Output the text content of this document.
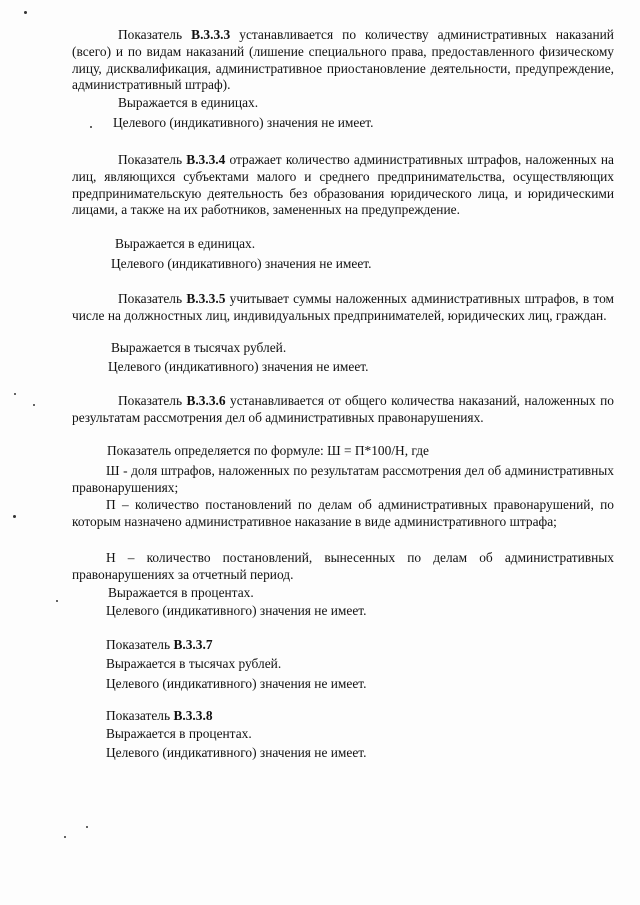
Показатель В.3.3.3 устанавливается по количеству административных наказаний (всего) и по видам наказаний (лишение специального права, предоставленного физическому лицу, дисквалификация, административное приостановление деятельности, предупреждение, административный штраф).

Выражается в единицах.

Целевого (индикативного) значения не имеет.

Показатель В.3.3.4 отражает количество административных штрафов, наложенных на лиц, являющихся субъектами малого и среднего предпринимательства, осуществляющих предпринимательскую деятельность без образования юридического лица, и юридическими лицами, а также на их работников, замененных на предупреждение.

Выражается в единицах.

Целевого (индикативного) значения не имеет.

Показатель В.3.3.5 учитывает суммы наложенных административных штрафов, в том числе на должностных лиц, индивидуальных предпринимателей, юридических лиц, граждан.

Выражается в тысячах рублей.

Целевого (индикативного) значения не имеет.

Показатель В.3.3.6 устанавливается от общего количества наказаний, наложенных по результатам рассмотрения дел об административных правонарушениях.

Показатель определяется по формуле: Ш = П*100/Н, где

Ш - доля штрафов, наложенных по результатам рассмотрения дел об административных правонарушениях;

П – количество постановлений по делам об административных правонарушений, по которым назначено административное наказание в виде административного штрафа;

Н – количество постановлений, вынесенных по делам об административных правонарушениях за отчетный период.

Выражается в процентах.

Целевого (индикативного) значения не имеет.

Показатель В.3.3.7

Выражается в тысячах рублей.

Целевого (индикативного) значения не имеет.

Показатель В.3.3.8

Выражается в процентах.

Целевого (индикативного) значения не имеет.
